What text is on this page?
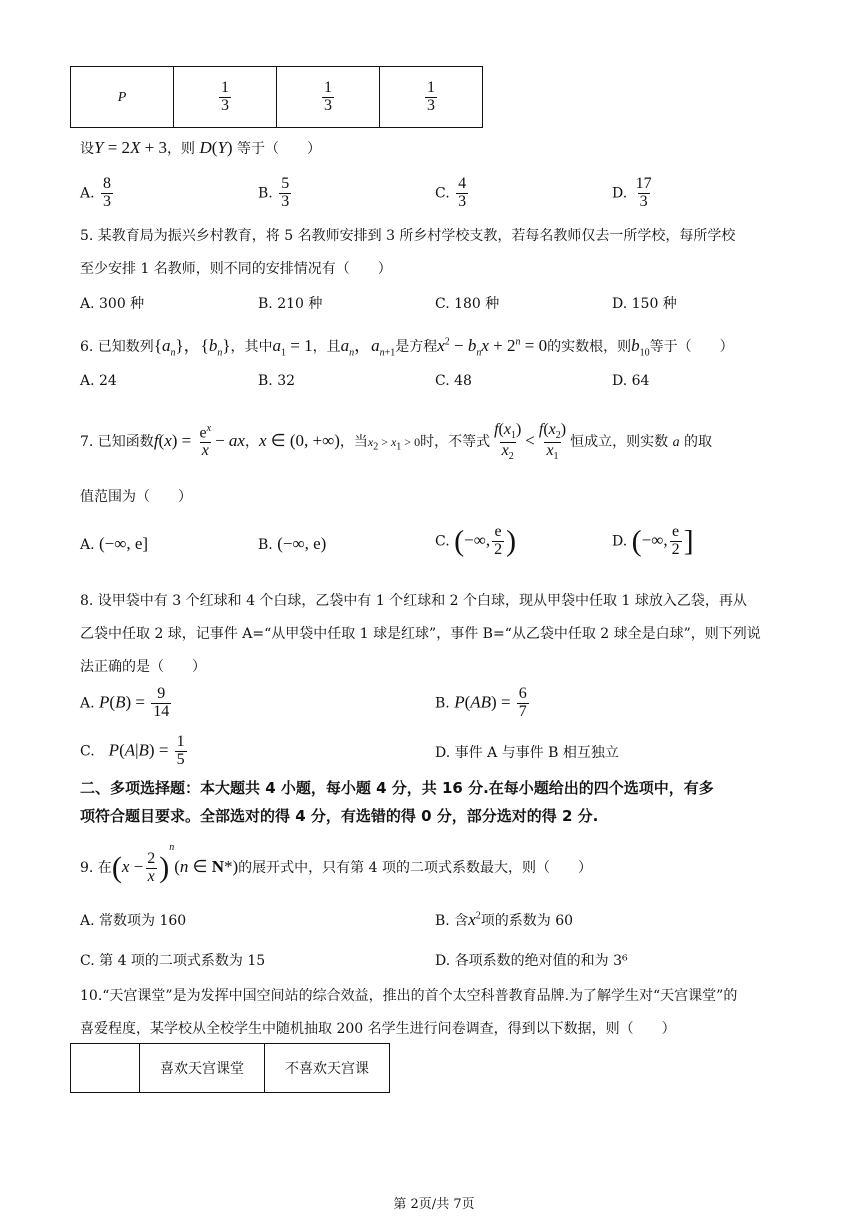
P	$\frac{1}{3}$	$\frac{1}{3}$	$\frac{1}{3}$
设Y = 2X + 3，则 D(Y) 等于（　　）
A. $\frac{8}{3}$	B. $\frac{5}{3}$	C. $\frac{4}{3}$	D. $\frac{17}{3}$
5. 某教育局为振兴乡村教育，将 5 名教师安排到 3 所乡村学校支教，若每名教师仅去一所学校，每所学校
至少安排 1 名教师，则不同的安排情况有（　　）
A. 300 种	B. 210 种	C. 180 种	D. 150 种
6. 已知数列$\{a_n\}$，$\{b_n\}$，其中$a_1 = 1$，且$a_n$，$a_{n+1}$是方程$x^2 - b_nx + 2^n = 0$的实数根，则$b_{10}$等于（　　）
A. 24	B. 32	C. 48	D. 64
7. 已知函数$f(x) = \frac{e^x}{x}$ − ax，x ∈ (0, +∞)，当$x_2 > x_1 > 0$时，不等式 $\frac{f(x_1)}{x_2} < \frac{f(x_2)}{x_1}$ 恒成立，则实数 a 的取
值范围为（　　）
A. (−∞, e]	B. (−∞, e)	C. (−∞, $\frac{e}{2}$ )	D. (−∞, $\frac{e}{2}$ ]
8. 设甲袋中有 3 个红球和 4 个白球，乙袋中有 1 个红球和 2 个白球，现从甲袋中任取 1 球放入乙袋，再从
乙袋中任取 2 球，记事件 A=“从甲袋中任取 1 球是红球”，事件 B=“从乙袋中任取 2 球全是白球”，则下列说
法正确的是（　　）
A. $P(B) = \frac{9}{14}$	B. $P(AB) = \frac{6}{7}$
C.　 $P(A|B) = \frac{1}{5}$	D. 事件 A 与事件 B 相互独立
二、多项选择题：本大题共 4 小题，每小题 4 分，共 16 分.在每小题给出的四个选项中，有多
项符合题目要求。全部选对的得 4 分，有选错的得 0 分，部分选对的得 2 分.
9. 在$(x - \frac{2}{x} )^n(n$ ∈ N*)的展开式中，只有第 4 项的二项式系数最大，则（　　）
A. 常数项为 160	B. 含$x^2$项的系数为 60
C. 第 4 项的二项式系数为 15	D. 各项系数的绝对值的和为 3⁶
10.“天宫课堂”是为发挥中国空间站的综合效益，推出的首个太空科普教育品牌.为了解学生对“天宫课堂”的
喜爱程度，某学校从全校学生中随机抽取 200 名学生进行问卷调查，得到以下数据，则（　　）
	喜欢天宫课堂	不喜欢天宫课
第 2页/共 7页
